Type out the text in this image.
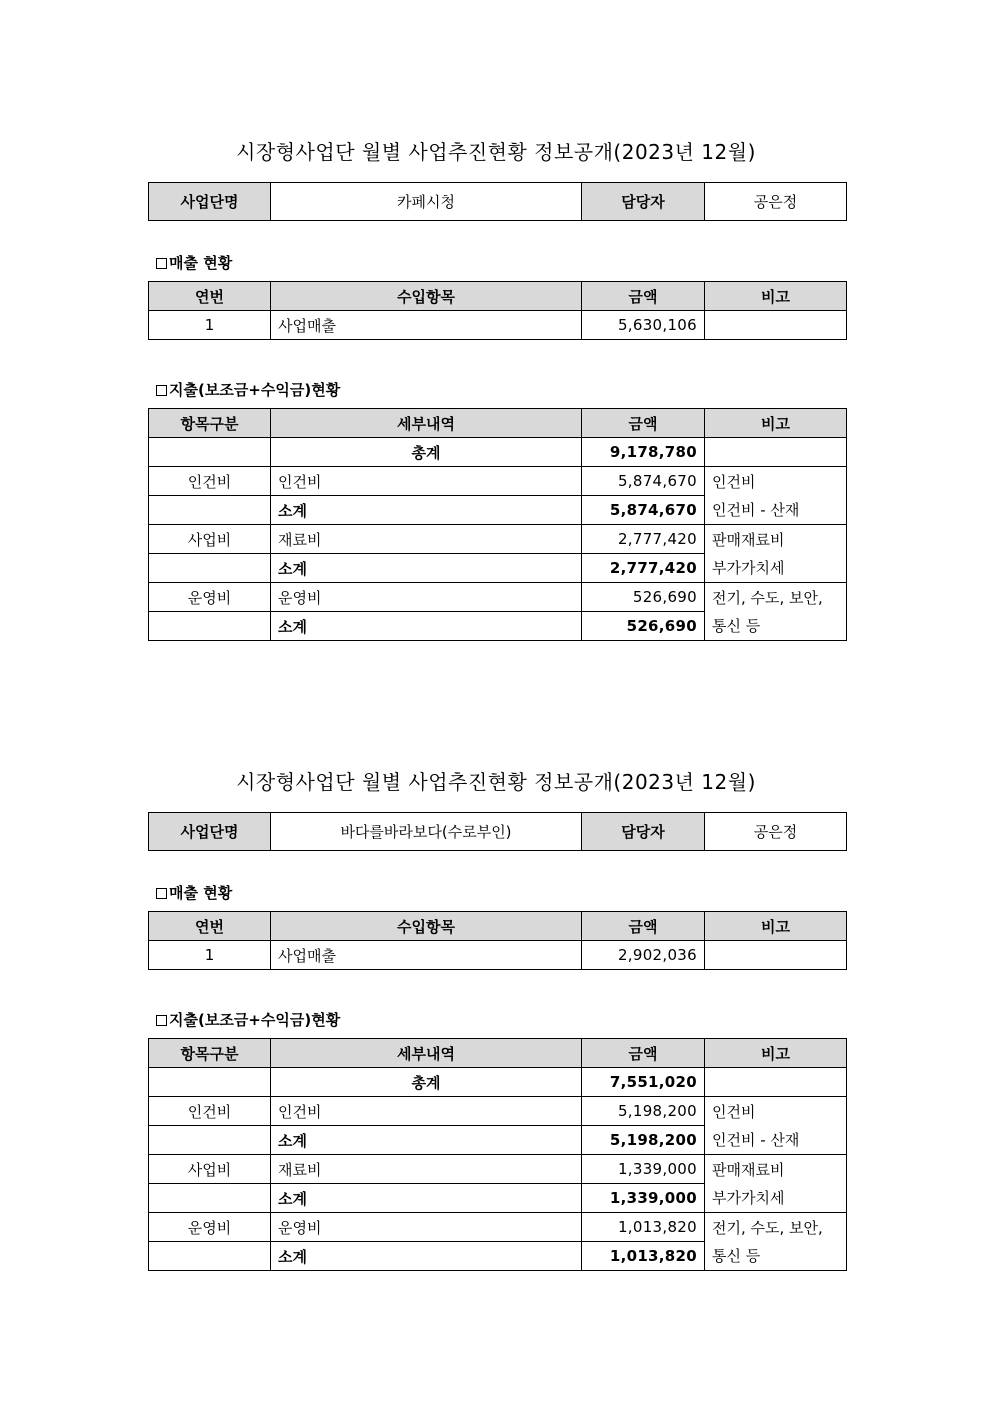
시장형사업단 월별 사업추진현황 정보공개(2023년 12월)
사업단명	카페시청	담당자	공은정
매출 현황
연번	수입항목	금액	비고
1	사업매출	5,630,106	
지출(보조금+수익금)현황
항목구분	세부내역	금액	비고
	총계	9,178,780	
인건비	인건비	5,874,670	인건비
인건비 - 산재

	소계	5,874,670	
사업비	재료비	2,777,420	판매재료비
부가가치세

	소계	2,777,420	
운영비	운영비	526,690	전기, 수도, 보안,
통신 등

	소계	526,690	
시장형사업단 월별 사업추진현황 정보공개(2023년 12월)
사업단명	바다를바라보다(수로부인)	담당자	공은정
매출 현황
연번	수입항목	금액	비고
1	사업매출	2,902,036	
지출(보조금+수익금)현황
항목구분	세부내역	금액	비고
	총계	7,551,020	
인건비	인건비	5,198,200	인건비
인건비 - 산재

	소계	5,198,200	
사업비	재료비	1,339,000	판매재료비
부가가치세

	소계	1,339,000	
운영비	운영비	1,013,820	전기, 수도, 보안,
통신 등

	소계	1,013,820	
